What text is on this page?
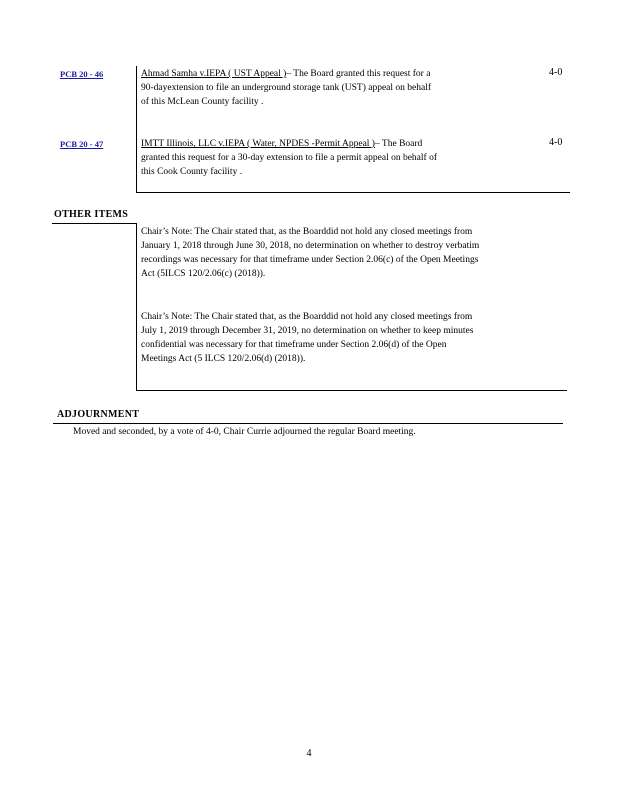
PCB 20 - 46	Ahmad Samha v.IEPA ( UST Appeal )– The Board granted this request for a 90-dayextension to file an underground storage tank (UST) appeal on behalf of this McLean County facility .
4-0
PCB 20 - 47	IMTT Illinois, LLC v.IEPA ( Water, NPDES -Permit Appeal )– The Board granted this request for a 30-day extension to file a permit appeal on behalf of this Cook County facility .
4-0
OTHER ITEMS
Chair’s Note: The Chair stated that, as the Boarddid not hold any closed meetings from January 1, 2018 through June 30, 2018, no determination on whether to destroy verbatim recordings was necessary for that timeframe under Section 2.06(c) of the Open Meetings Act (5ILCS 120/2.06(c) (2018)).
Chair’s Note: The Chair stated that, as the Boarddid not hold any closed meetings from July 1, 2019 through December 31, 2019, no determination on whether to keep minutes confidential was necessary for that timeframe under Section 2.06(d) of the Open Meetings Act (5 ILCS 120/2.06(d) (2018)).
ADJOURNMENT
Moved and seconded, by a vote of 4-0, Chair Currie adjourned the regular Board meeting.
4
